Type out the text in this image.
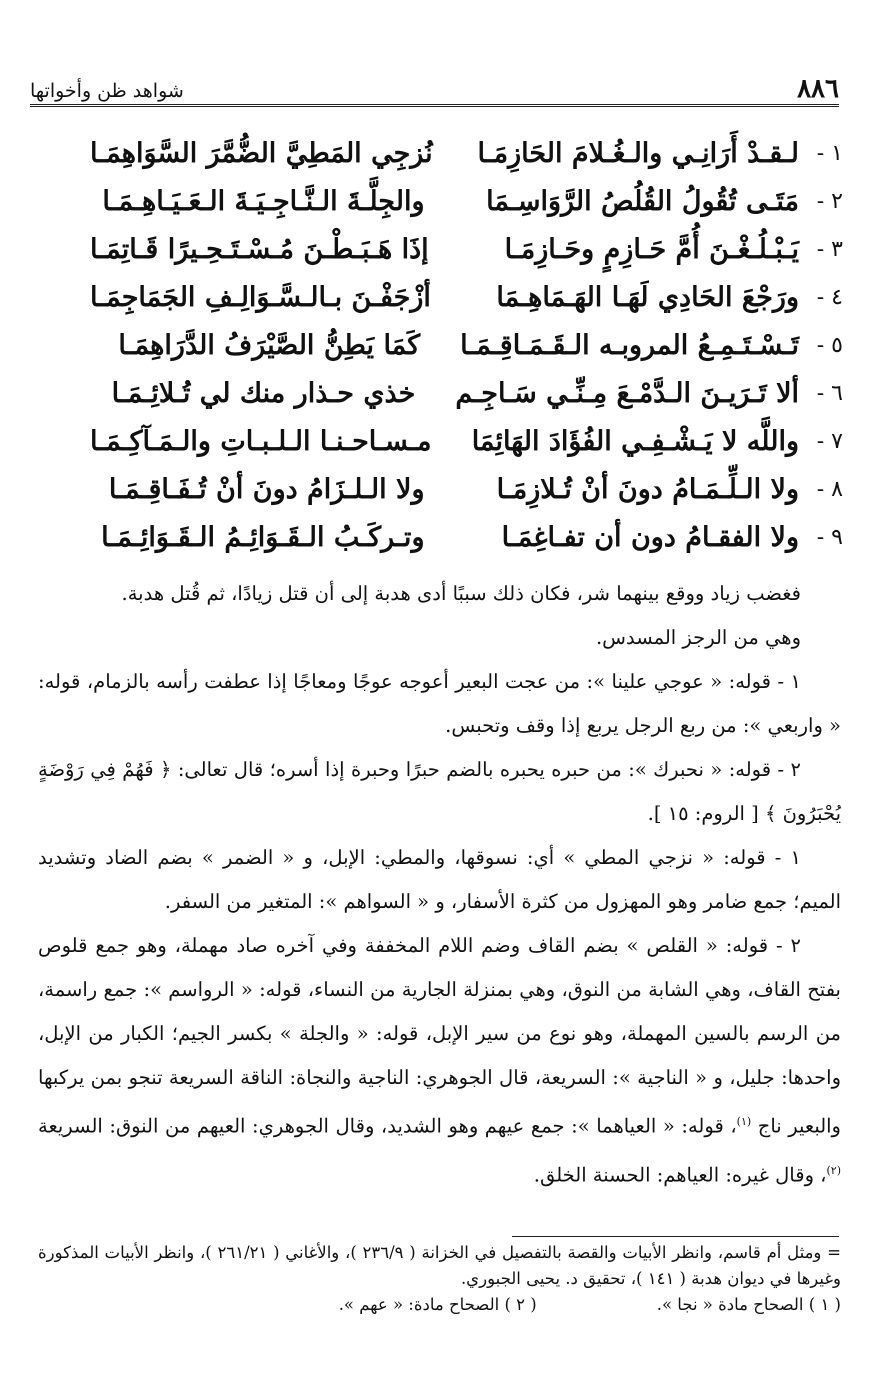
٨٨٦
شواهد ظن وأخواتها
١ -
لـقـدْ أَرَانِـي والـغُـلامَ الحَازِمَـا
نُزجِي المَطِيَّ الضُّمَّرَ السَّوَاهِمَـا
٢ -
مَتَـى تُقُولُ القُلُصُ الرَّوَاسِـمَا
والجِلَّـةَ الـنَّـاجِـيَـةَ الـعَـيَـاهِـمَـا
٣ -
يَـبْـلُـغْـنَ أُمَّ حَـازِمٍ وحَـازِمَـا
إذَا هَـبَـطْـنَ مُـسْـتَـحِـيرًا قَـاتِمَـا
٤ -
ورَجْعَ الحَادِي لَهَـا الهَـمَاهِـمَا
أزْجَفْـنَ بـالـسَّـوَالِـفِ الجَمَاجِمَـا
٥ -
تَـسْـتَـمِـعُ المروبـه الـقَـمَـاقِـمَـا
كَمَا يَطِنُّ الصَّيْرَفُ الدَّرَاهِمَـا
٦ -
ألا تَـرَيـنَ الـدَّمْـعَ مِـنِّـي سَـاجِـم
خذي حـذار منك لي تُـلائِـمَـا
٧ -
واللَّه لا يَـشْـفِـي الفُؤَادَ الهَائِمَا
مـسـاحـنـا الـلـبـاتِ والـمَـآكِـمَـا
٨ -
ولا الـلِّـمَـامُ دونَ أنْ تُـلازِمَـا
ولا الـلـزَامُ دونَ أنْ تُـفَـاقِـمَـا
٩ -
ولا الفقـامُ دون أن تفـاغِمَـا
وتـركَـبُ الـقَـوَائِـمُ الـقَـوَائِـمَـا

فغضب زياد ووقع بينهما شر، فكان ذلك سببًا أدى هدبة إلى أن قتل زيادًا، ثم قُتل هدبة.

وهي من الرجز المسدس.

١ - قوله: « عوجي علينا »: من عجت البعير أعوجه عوجًا ومعاجًا إذا عطفت رأسه بالزمام، قوله: « واربعي »: من ربع الرجل يربع إذا وقف وتحبس.

٢ - قوله: « نحبرك »: من حبره يحبره بالضم حبرًا وحبرة إذا أسره؛ قال تعالى: ﴿ فَهُمْ فِي رَوْضَةٍ يُحْبَرُونَ ﴾ [ الروم: ١٥ ].

١ - قوله: « نزجي المطي » أي: نسوقها، والمطي: الإبل، و « الضمر » بضم الضاد وتشديد الميم؛ جمع ضامر وهو المهزول من كثرة الأسفار، و « السواهم »: المتغير من السفر.

٢ - قوله: « القلص » بضم القاف وضم اللام المخففة وفي آخره صاد مهملة، وهو جمع قلوص بفتح القاف، وهي الشابة من النوق، وهي بمنزلة الجارية من النساء، قوله: « الرواسم »: جمع راسمة، من الرسم بالسين المهملة، وهو نوع من سير الإبل، قوله: « والجلة » بكسر الجيم؛ الكبار من الإبل، واحدها: جليل، و « الناجية »: السريعة، قال الجوهري: الناجية والنجاة: الناقة السريعة تنجو بمن يركبها والبعير ناج $^{(١)}$، قوله: « العياهما »: جمع عيهم وهو الشديد، وقال الجوهري: العيهم من النوق: السريعة $^{(٢)}$، وقال غيره: العياهم: الحسنة الخلق.

= ومثل أم قاسم، وانظر الأبيات والقصة بالتفصيل في الخزانة ( ٢٣٦/٩ )، والأغاني ( ٢٦١/٢١ )، وانظر الأبيات المذكورة وغيرها في ديوان هدبة ( ١٤١ )، تحقيق د. يحيى الجبوري.

( ١ ) الصحاح مادة « نجا ».
( ٢ ) الصحاح مادة: « عهم ».
